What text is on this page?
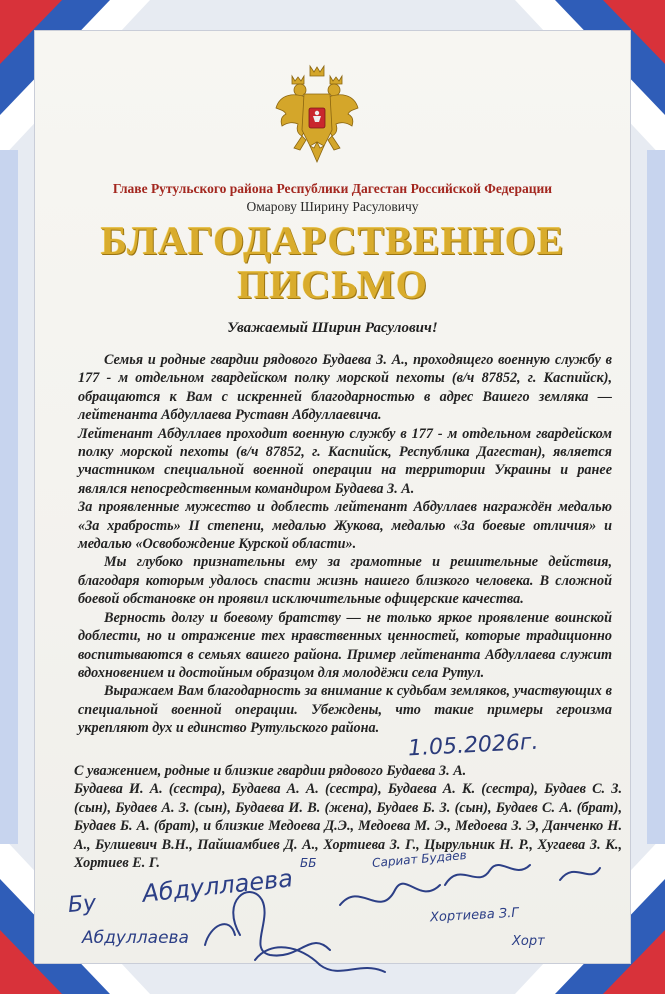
Главе Рутульского района Республики Дагестан Российской Федерации
Омарову Ширину Расуловичу
БЛАГОДАРСТВЕННОЕ
ПИСЬМО
Уважаемый Ширин Расулович!

Семья и родные гвардии рядового Будаева З. А., проходящего военную службу в 177 - м отдельном гвардейском полку морской пехоты (в/ч 87852, г. Каспийск), обращаются к Вам с искренней благодарностью в адрес Вашего земляка — лейтенанта Абдуллаева Руставн Абдуллаевича.

Лейтенант Абдуллаев проходит военную службу в 177 - м отдельном гвардейском полку морской пехоты (в/ч 87852, г. Каспийск, Республика Дагестан), является участником специальной военной операции на территории Украины и ранее являлся непосредственным командиром Будаева З. А.

За проявленные мужество и доблесть лейтенант Абдуллаев награждён медалью «За храбрость» II степени, медалью Жукова, медалью «За боевые отличия» и медалью «Освобождение Курской области».

Мы глубоко признательны ему за грамотные и решительные действия, благодаря которым удалось спасти жизнь нашего близкого человека. В сложной боевой обстановке он проявил исключительные офицерские качества.

Верность долгу и боевому братству — не только яркое проявление воинской доблести, но и отражение тех нравственных ценностей, которые традиционно воспитываются в семьях вашего района. Пример лейтенанта Абдуллаева служит вдохновением и достойным образцом для молодёжи села Рутул.

Выражаем Вам благодарность за внимание к судьбам земляков, участвующих в специальной военной операции. Убеждены, что такие примеры героизма укрепляют дух и единство Рутульского района.

1.05.2026г.

С уважением, родные и близкие гвардии рядового Будаева З. А.

Будаева И. А. (сестра), Будаева А. А. (сестра), Будаева А. К. (сестра), Будаев С. З. (сын), Будаев А. З. (сын), Будаева И. В. (жена), Будаев Б. З. (сын), Будаев С. А. (брат), Будаев Б. А. (брат), и близкие Медоева Д.Э., Медоева М. Э., Медоева З. Э, Данченко Н. А., Булшевич В.Н., Пайшамбиев Д. А., Хортиева З. Г., Цырульник Н. Р., Хугаева З. К., Хортиев Е. Г.

Абдуллаева
Бу
Абдуллаева
ББ	Сариат Будаев
Хортиева З.Г
Хорт
